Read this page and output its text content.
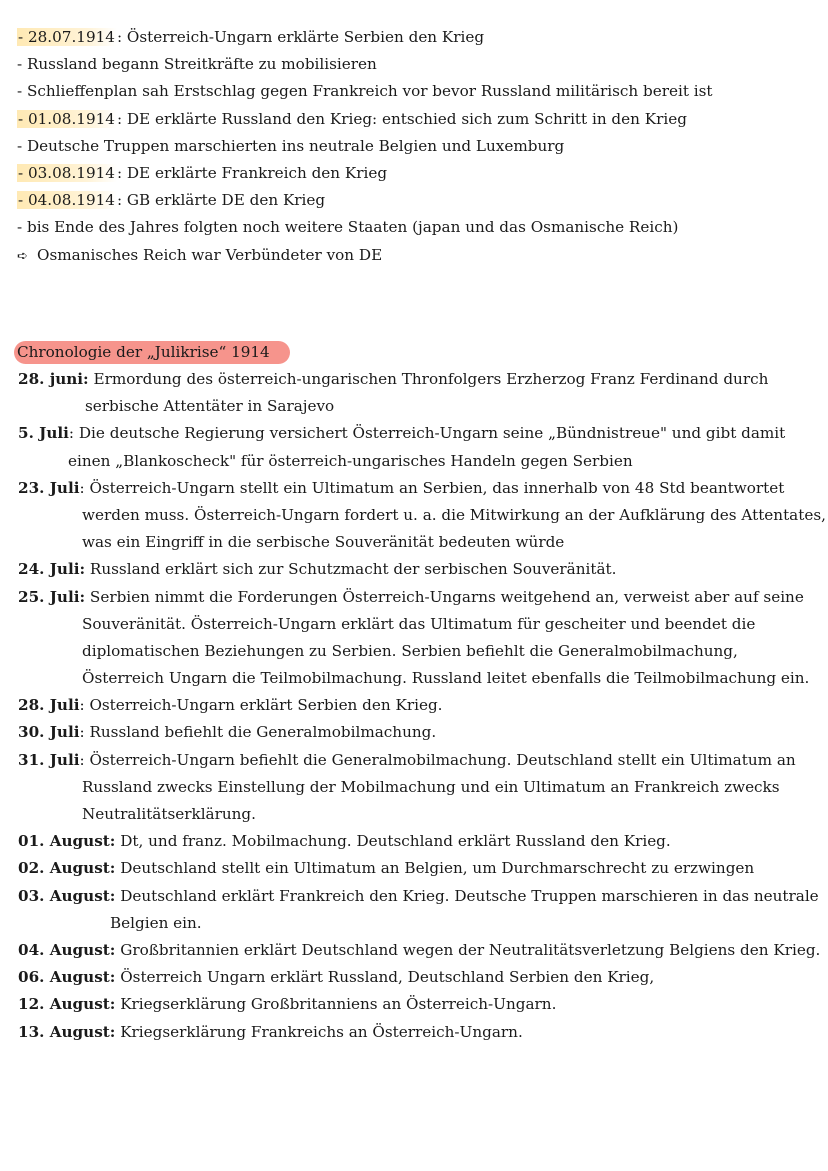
- 28.07.1914 : Österreich-Ungarn erklärte Serbien den Krieg
- Russland begann Streitkräfte zu mobilisieren
- Schlieffenplan sah Erstschlag gegen Frankreich vor bevor Russland militärisch bereit ist
- 01.08.1914 : DE erklärte Russland den Krieg: entschied sich zum Schritt in den Krieg
- Deutsche Truppen marschierten ins neutrale Belgien und Luxemburg
- 03.08.1914 : DE erklärte Frankreich den Krieg
- 04.08.1914 : GB erklärte DE den Krieg
- bis Ende des Jahres folgten noch weitere Staaten (japan und das Osmanische Reich)
➪ Osmanisches Reich war Verbündeter von DE
Chronologie der „Julikrise“ 1914
28. juni: Ermordung des österreich-ungarischen Thronfolgers Erzherzog Franz Ferdinand durch
serbische Attentäter in Sarajevo
5. Juli: Die deutsche Regierung versichert Österreich-Ungarn seine „Bündnistreue" und gibt damit
einen „Blankoscheck" für österreich-ungarisches Handeln gegen Serbien
23. Juli: Österreich-Ungarn stellt ein Ultimatum an Serbien, das innerhalb von 48 Std beantwortet
werden muss. Österreich-Ungarn fordert u. a. die Mitwirkung an der Aufklärung des Attentates,
was ein Eingriff in die serbische Souveränität bedeuten würde
24. Juli: Russland erklärt sich zur Schutzmacht der serbischen Souveränität.
25. Juli: Serbien nimmt die Forderungen Österreich-Ungarns weitgehend an, verweist aber auf seine
Souveränität. Österreich-Ungarn erklärt das Ultimatum für gescheiter und beendet die
diplomatischen Beziehungen zu Serbien. Serbien befiehlt die Generalmobilmachung,
Österreich Ungarn die Teilmobilmachung. Russland leitet ebenfalls die Teilmobilmachung ein.
28. Juli: Osterreich-Ungarn erklärt Serbien den Krieg.
30. Juli: Russland befiehlt die Generalmobilmachung.
31. Juli: Österreich-Ungarn befiehlt die Generalmobilmachung. Deutschland stellt ein Ultimatum an
Russland zwecks Einstellung der Mobilmachung und ein Ultimatum an Frankreich zwecks
Neutralitätserklärung.
01. August: Dt, und franz. Mobilmachung. Deutschland erklärt Russland den Krieg.
02. August: Deutschland stellt ein Ultimatum an Belgien, um Durchmarschrecht zu erzwingen
03. August: Deutschland erklärt Frankreich den Krieg. Deutsche Truppen marschieren in das neutrale
Belgien ein.
04. August: Großbritannien erklärt Deutschland wegen der Neutralitätsverletzung Belgiens den Krieg.
06. August: Österreich Ungarn erklärt Russland, Deutschland Serbien den Krieg,
12. August: Kriegserklärung Großbritanniens an Österreich-Ungarn.
13. August: Kriegserklärung Frankreichs an Österreich-Ungarn.
